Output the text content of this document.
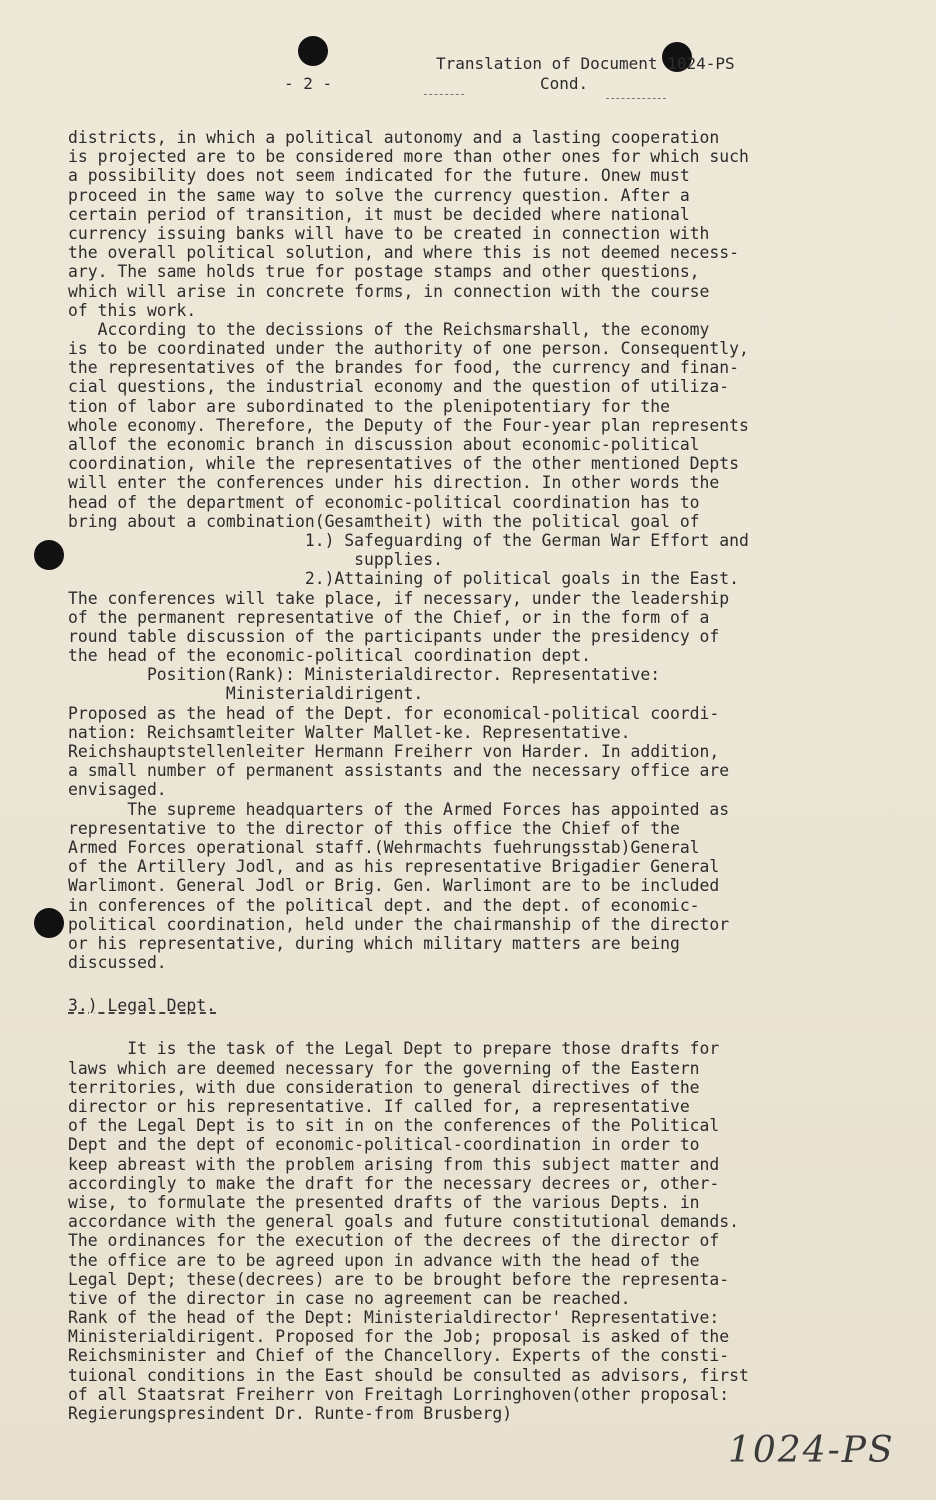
- 2 -
Translation of Document 1024-PS
Cond.
districts, in which a political autonomy and a lasting cooperation
is projected are to be considered more than other ones for which such
a possibility does not seem indicated for the future. Onew must
proceed in the same way to solve the currency question. After a
certain period of transition, it must be decided where national
currency issuing banks will have to be created in connection with
the overall political solution, and where this is not deemed necess-
ary. The same holds true for postage stamps and other questions,
which will arise in concrete forms, in connection with the course
of this work.
According to the decissions of the Reichsmarshall, the economy
is to be coordinated under the authority of one person. Consequently,
the representatives of the brandes for food, the currency and finan-
cial questions, the industrial economy and the question of utiliza-
tion of labor are subordinated to the plenipotentiary for the
whole economy. Therefore, the Deputy of the Four-year plan represents
allof the economic branch in discussion about economic-political
coordination, while the representatives of the other mentioned Depts
will enter the conferences under his direction. In other words the
head of the department of economic-political coordination has to
bring about a combination(Gesamtheit) with the political goal of
1.) Safeguarding of the German War Effort and
supplies.
2.)Attaining of political goals in the East.
The conferences will take place, if necessary, under the leadership
of the permanent representative of the Chief, or in the form of a
round table discussion of the participants under the presidency of
the head of the economic-political coordination dept.
Position(Rank): Ministerialdirector. Representative:
Ministerialdirigent.
Proposed as the head of the Dept. for economical-political coordi-
nation: Reichsamtleiter Walter Mallet-ke. Representative.
Reichshauptstellenleiter Hermann Freiherr von Harder. In addition,
a small number of permanent assistants and the necessary office are
envisaged.
The supreme headquarters of the Armed Forces has appointed as
representative to the director of this office the Chief of the
Armed Forces operational staff.(Wehrmachts fuehrungsstab)General
of the Artillery Jodl, and as his representative Brigadier General
Warlimont. General Jodl or Brig. Gen. Warlimont are to be included
in conferences of the political dept. and the dept. of economic-
political coordination, held under the chairmanship of the director
or his representative, during which military matters are being
discussed.
3.) Legal Dept.
It is the task of the Legal Dept to prepare those drafts for
laws which are deemed necessary for the governing of the Eastern
territories, with due consideration to general directives of the
director or his representative. If called for, a representative
of the Legal Dept is to sit in on the conferences of the Political
Dept and the dept of economic-political-coordination in order to
keep abreast with the problem arising from this subject matter and
accordingly to make the draft for the necessary decrees or, other-
wise, to formulate the presented drafts of the various Depts. in
accordance with the general goals and future constitutional demands.
The ordinances for the execution of the decrees of the director of
the office are to be agreed upon in advance with the head of the
Legal Dept; these(decrees) are to be brought before the representa-
tive of the director in case no agreement can be reached.
Rank of the head of the Dept: Ministerialdirector' Representative:
Ministerialdirigent. Proposed for the Job; proposal is asked of the
Reichsminister and Chief of the Chancellory. Experts of the consti-
tuional conditions in the East should be consulted as advisors, first
of all Staatsrat Freiherr von Freitagh Lorringhoven(other proposal:
Regierungspresindent Dr. Runte-from Brusberg)
1024-PS
